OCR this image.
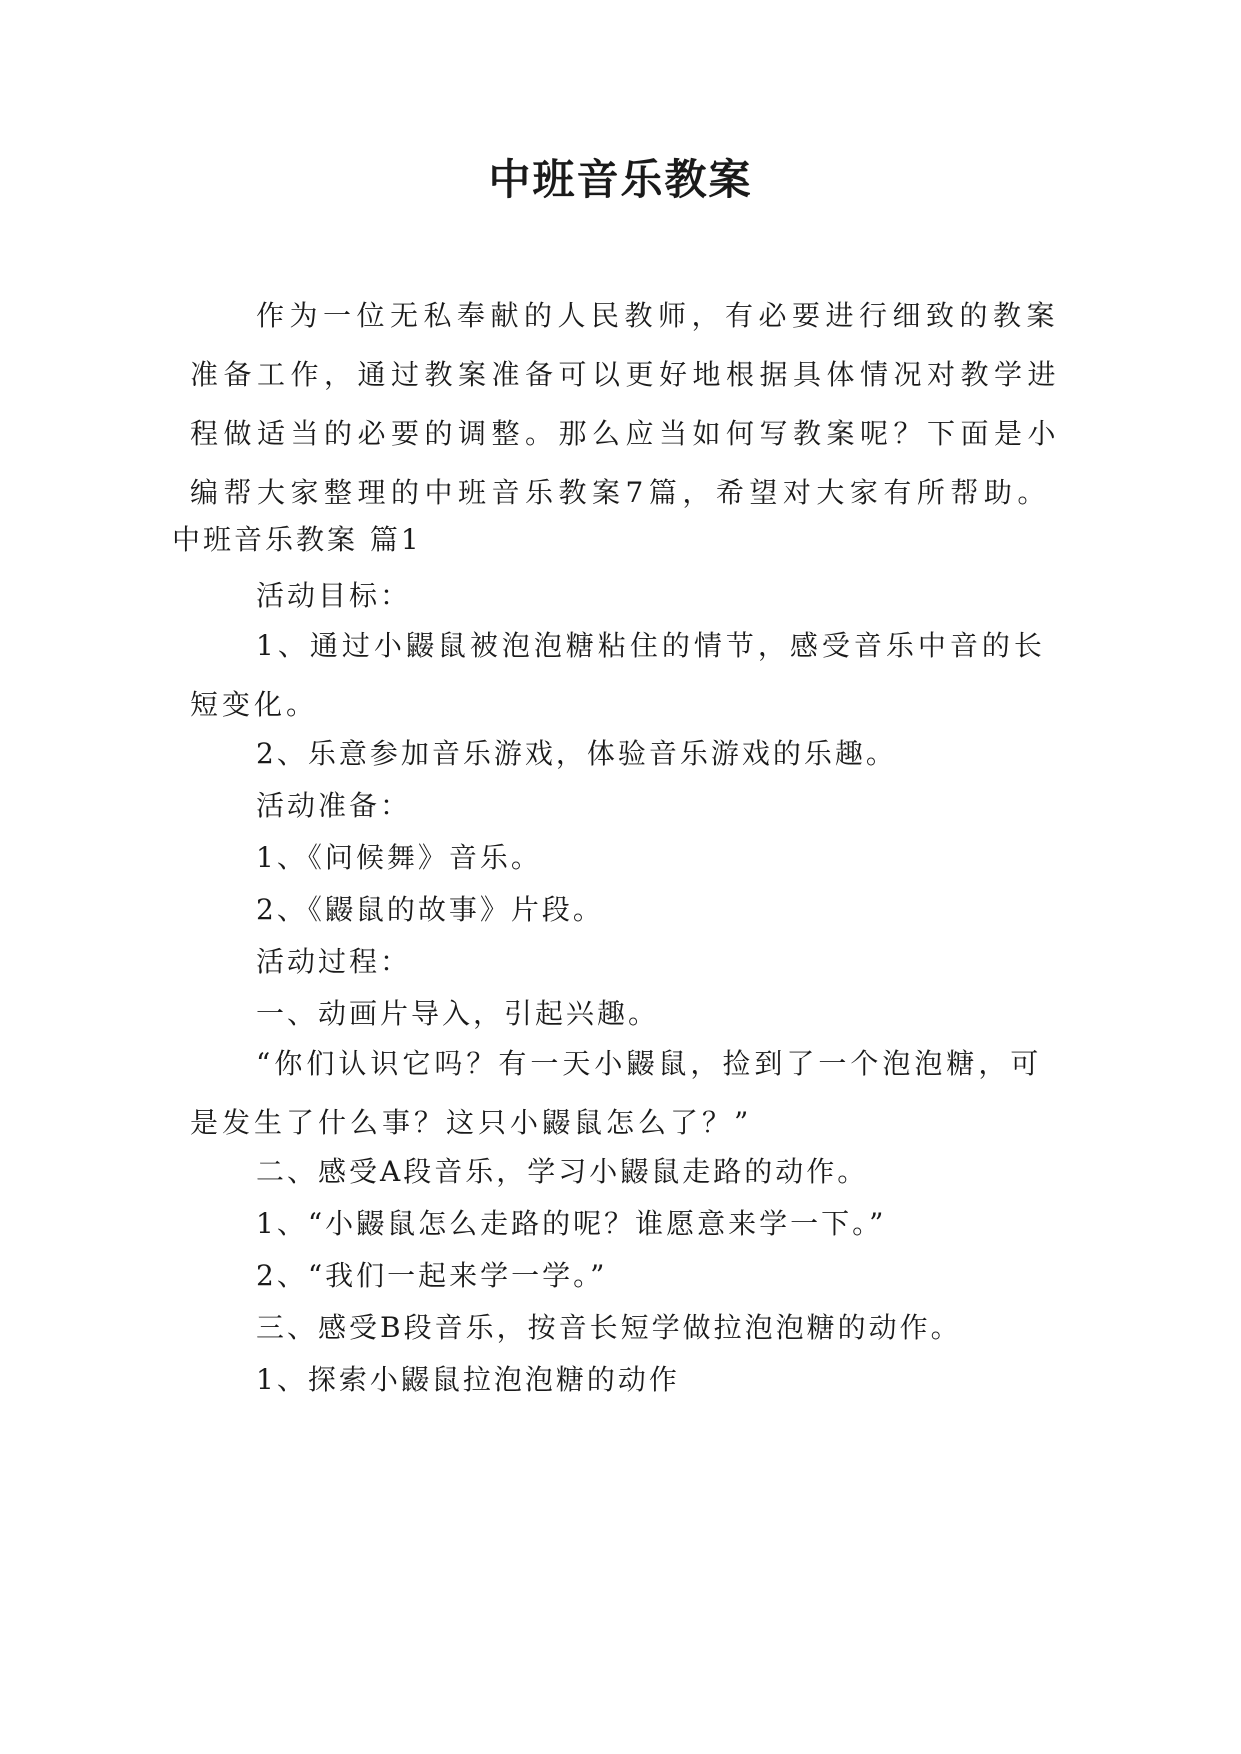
中班音乐教案
作为一位无私奉献的人民教师，有必要进行细致的教案准备工作，通过教案准备可以更好地根据具体情况对教学进程做适当的必要的调整。那么应当如何写教案呢？下面是小编帮大家整理的中班音乐教案7篇，希望对大家有所帮助。
中班音乐教案 篇1
活动目标：
1、通过小鼹鼠被泡泡糖粘住的情节，感受音乐中音的长短变化。
2、乐意参加音乐游戏，体验音乐游戏的乐趣。
活动准备：
1、《问候舞》音乐。
2、《鼹鼠的故事》片段。
活动过程：
一、动画片导入，引起兴趣。
“你们认识它吗？有一天小鼹鼠，捡到了一个泡泡糖，可是发生了什么事？这只小鼹鼠怎么了？”
二、感受A段音乐，学习小鼹鼠走路的动作。
1、“小鼹鼠怎么走路的呢？谁愿意来学一下。”
2、“我们一起来学一学。”
三、感受B段音乐，按音长短学做拉泡泡糖的动作。
1、探索小鼹鼠拉泡泡糖的动作
